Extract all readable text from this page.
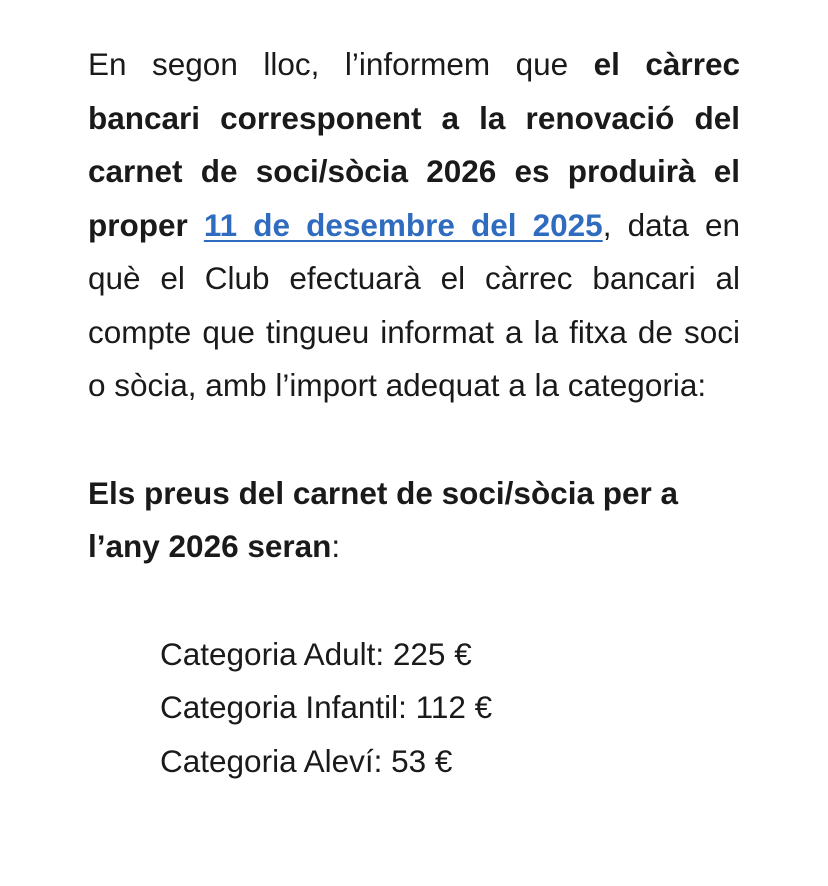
En segon lloc, l’informem que el càrrec bancari corresponent a la renovació del carnet de soci/sòcia 2026 es produirà el proper 11 de desembre del 2025, data en què el Club efectuarà el càrrec bancari al compte que tingueu informat a la fitxa de soci o sòcia, amb l’import adequat a la categoria:

Els preus del carnet de soci/sòcia per a l’any 2026 seran:

Categoria Adult: 225 €
Categoria Infantil: 112 €
Categoria Aleví: 53 €
